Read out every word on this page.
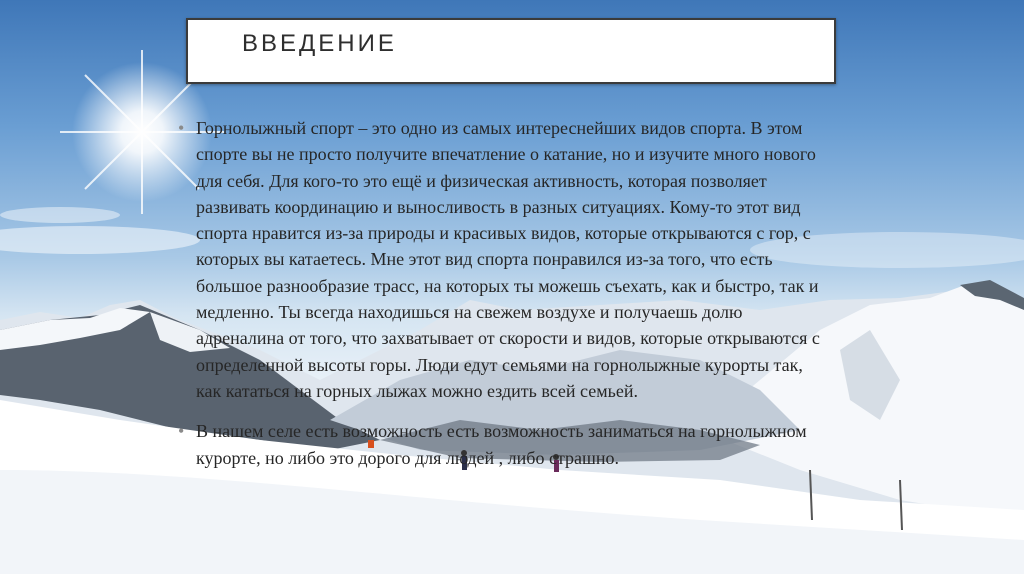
ВВЕДЕНИЕ

• Горнолыжный спорт – это одно из самых интереснейших видов спорта. В этом спорте вы не просто получите впечатление о катание, но и изучите много нового для себя. Для кого-то это ещё и физическая активность, которая позволяет развивать координацию и выносливость в разных ситуациях. Кому-то этот вид спорта нравится из-за природы и красивых видов, которые открываются с гор, с которых вы катаетесь. Мне этот вид спорта понравился из-за того, что есть большое разнообразие трасс, на которых ты можешь съехать, как и быстро, так и медленно. Ты всегда находишься на свежем воздухе и получаешь долю адреналина от того, что захватывает от скорости и видов, которые открываются с определенной высоты горы. Люди едут семьями на горнолыжные курорты так, как кататься на горных лыжах можно ездить всей семьей.

• В нашем селе есть возможность есть возможность заниматься на горнолыжном курорте, но либо это дорого для людей , либо страшно.
